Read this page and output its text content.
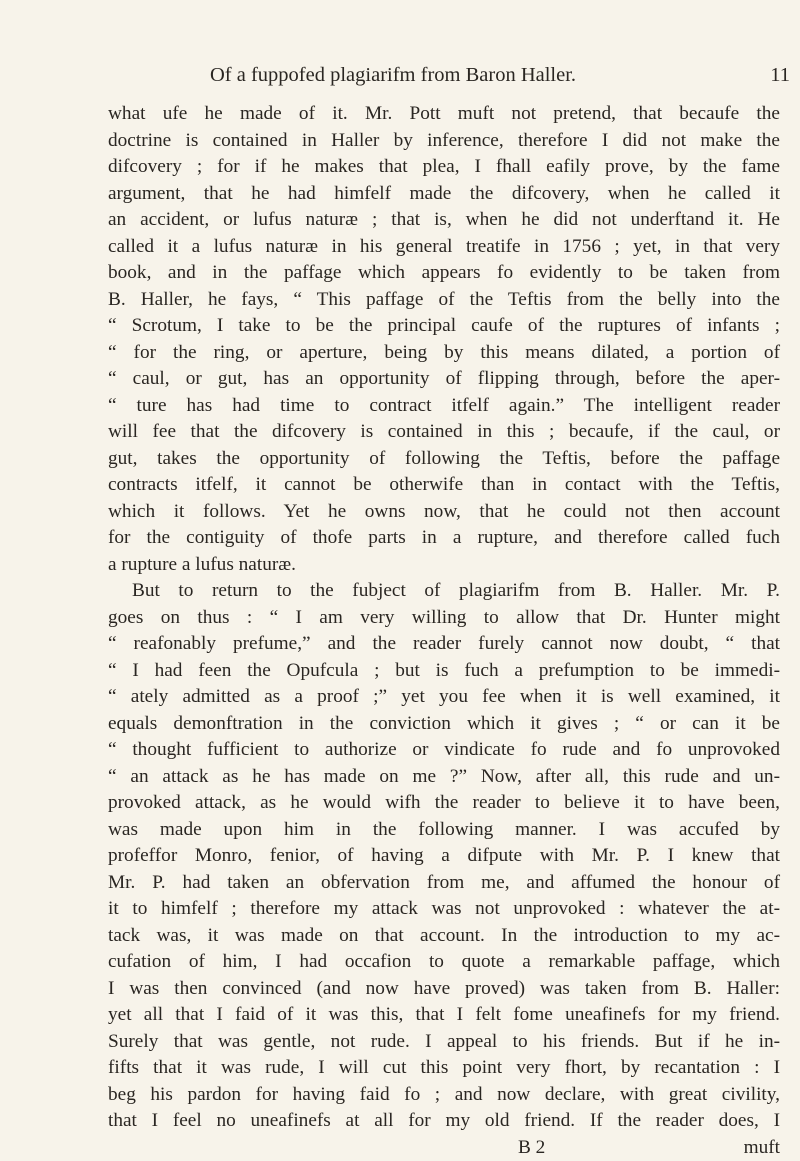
Of a fuppofed plagiarifm from Baron Haller.	11
what ufe he made of it. Mr. Pott muft not pretend, that becaufe the
doctrine is contained in Haller by inference, therefore I did not make the
difcovery ; for if he makes that plea, I fhall eafily prove, by the fame
argument, that he had himfelf made the difcovery, when he called it
an accident, or lufus naturæ ; that is, when he did not underftand it. He
called it a lufus naturæ in his general treatife in 1756 ; yet, in that very
book, and in the paffage which appears fo evidently to be taken from
B. Haller, he fays, “ This paffage of the Teftis from the belly into the
“ Scrotum, I take to be the principal caufe of the ruptures of infants ;
“ for the ring, or aperture, being by this means dilated, a portion of
“ caul, or gut, has an opportunity of flipping through, before the aper-
“ ture has had time to contract itfelf again.” The intelligent reader
will fee that the difcovery is contained in this ; becaufe, if the caul, or
gut, takes the opportunity of following the Teftis, before the paffage
contracts itfelf, it cannot be otherwife than in contact with the Teftis,
which it follows. Yet he owns now, that he could not then account
for the contiguity of thofe parts in a rupture, and therefore called fuch
a rupture a lufus naturæ.
But to return to the fubject of plagiarifm from B. Haller. Mr. P.
goes on thus : “ I am very willing to allow that Dr. Hunter might
“ reafonably prefume,” and the reader furely cannot now doubt, “ that
“ I had feen the Opufcula ; but is fuch a prefumption to be immedi-
“ ately admitted as a proof ;” yet you fee when it is well examined, it
equals demonftration in the conviction which it gives ; “ or can it be
“ thought fufficient to authorize or vindicate fo rude and fo unprovoked
“ an attack as he has made on me ?” Now, after all, this rude and un-
provoked attack, as he would wifh the reader to believe it to have been,
was made upon him in the following manner. I was accufed by
profeffor Monro, fenior, of having a difpute with Mr. P. I knew that
Mr. P. had taken an obfervation from me, and affumed the honour of
it to himfelf ; therefore my attack was not unprovoked : whatever the at-
tack was, it was made on that account. In the introduction to my ac-
cufation of him, I had occafion to quote a remarkable paffage, which
I was then convinced (and now have proved) was taken from B. Haller:
yet all that I faid of it was this, that I felt fome uneafinefs for my friend.
Surely that was gentle, not rude. I appeal to his friends. But if he in-
fifts that it was rude, I will cut this point very fhort, by recantation : I
beg his pardon for having faid fo ; and now declare, with great civility,
that I feel no uneafinefs at all for my old friend. If the reader does, I
B 2	muft
